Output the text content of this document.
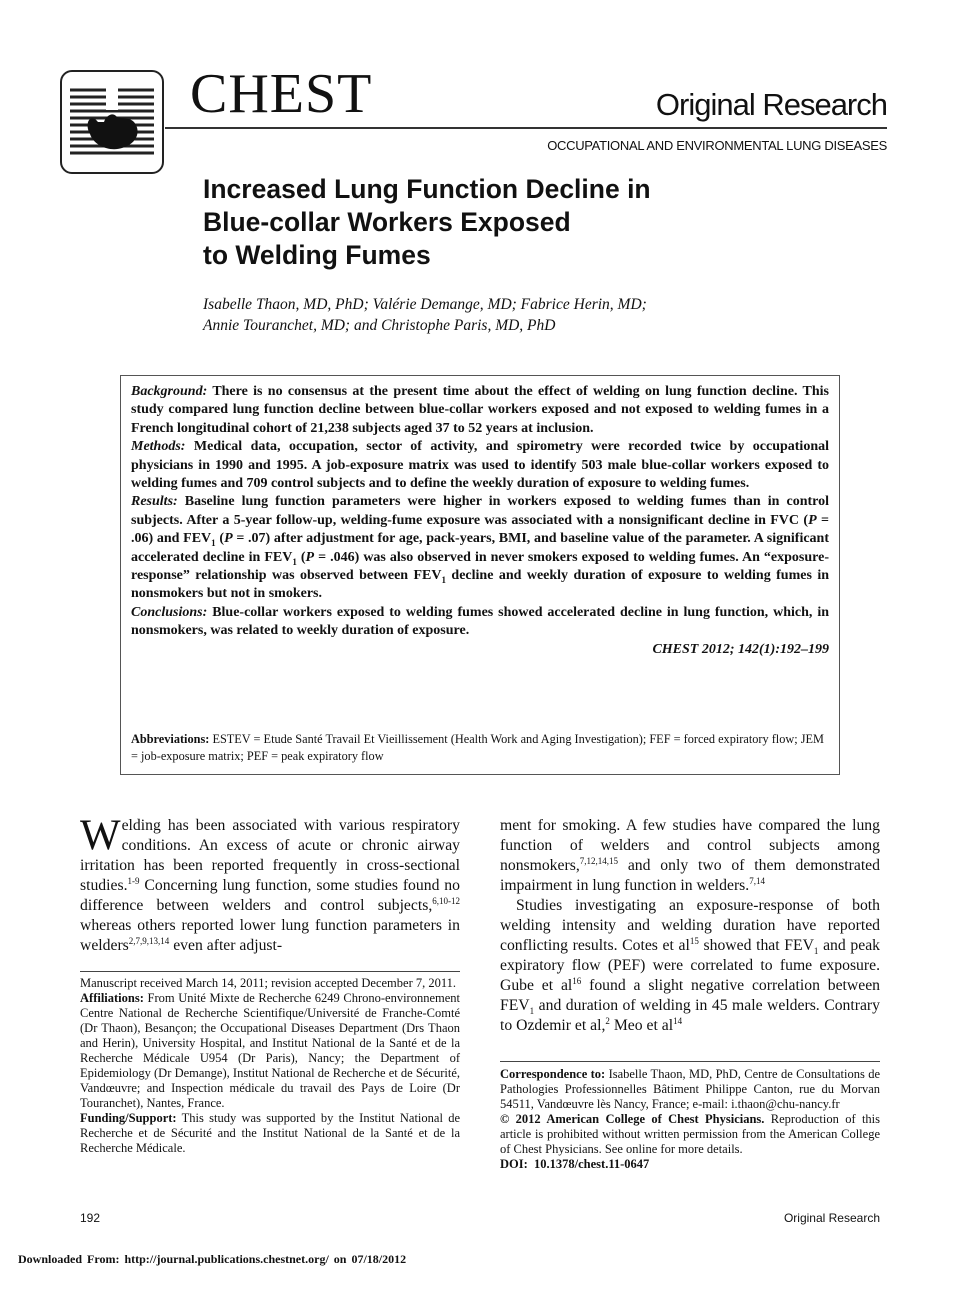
CHEST	Original Research
OCCUPATIONAL AND ENVIRONMENTAL LUNG DISEASES
Increased Lung Function Decline in
Blue-collar Workers Exposed
to Welding Fumes
Isabelle Thaon, MD, PhD; Valérie Demange, MD; Fabrice Herin, MD;
Annie Touranchet, MD; and Christophe Paris, MD, PhD

Background: There is no consensus at the present time about the effect of welding on lung function decline. This study compared lung function decline between blue-collar workers exposed and not exposed to welding fumes in a French longitudinal cohort of 21,238 subjects aged 37 to 52 years at inclusion.

Methods: Medical data, occupation, sector of activity, and spirometry were recorded twice by occupational physicians in 1990 and 1995. A job-exposure matrix was used to identify 503 male blue-collar workers exposed to welding fumes and 709 control subjects and to define the weekly duration of exposure to welding fumes.

Results: Baseline lung function parameters were higher in workers exposed to welding fumes than in control subjects. After a 5-year follow-up, welding-fume exposure was associated with a nonsignificant decline in FVC (P = .06) and $FEV_1$ (P = .07) after adjustment for age, pack-years, BMI, and baseline value of the parameter. A significant accelerated decline in $FEV_1$ (P = .046) was also observed in never smokers exposed to welding fumes. An “exposure-response” relationship was observed between $FEV_1$ decline and weekly duration of exposure to welding fumes in nonsmokers but not in smokers.

Conclusions: Blue-collar workers exposed to welding fumes showed accelerated decline in lung function, which, in nonsmokers, was related to weekly duration of exposure.

CHEST 2012; 142(1):192–199

Abbreviations: ESTEV = Etude Santé Travail Et Vieillissement (Health Work and Aging Investigation); FEF = forced expiratory flow; JEM = job-exposure matrix; PEF = peak expiratory flow

Welding has been associated with various respiratory conditions. An excess of acute or chronic airway irritation has been reported frequently in cross-sectional studies.$^{1-9}$ Concerning lung function, some studies found no difference between welders and control subjects,$^{6,10-12}$ whereas others reported lower lung function parameters in welders$^{2,7,9,13,14}$ even after adjust-

ment for smoking. A few studies have compared the lung function of welders and control subjects among nonsmokers,$^{7,12,14,15}$ and only two of them demonstrated impairment in lung function in welders.$^{7,14}$

Studies investigating an exposure-response of both welding intensity and welding duration have reported conflicting results. Cotes et $al^{15}$ showed that $FEV_1$ and peak expiratory flow (PEF) were correlated to fume exposure. Gube et $al^{16}$ found a slight negative correlation between $FEV_1$ and duration of welding in 45 male welders. Contrary to Ozdemir et al,$^2$ Meo et $al^{14}$

Manuscript received March 14, 2011; revision accepted December 7, 2011.

Affiliations: From Unité Mixte de Recherche 6249 Chrono-environnement Centre National de Recherche Scientifique/Université de Franche-Comté (Dr Thaon), Besançon; the Occupational Diseases Department (Drs Thaon and Herin), University Hospital, and Institut National de la Santé et de la Recherche Médicale U954 (Dr Paris), Nancy; the Department of Epidemiology (Dr Demange), Institut National de Recherche et de Sécurité, Vandœuvre; and Inspection médicale du travail des Pays de Loire (Dr Touranchet), Nantes, France.

Funding/Support: This study was supported by the Institut National de Recherche et de Sécurité and the Institut National de la Santé et de la Recherche Médicale.

Correspondence to: Isabelle Thaon, MD, PhD, Centre de Consultations de Pathologies Professionnelles Bâtiment Philippe Canton, rue du Morvan 54511, Vandœuvre lès Nancy, France; e-mail: i.thaon@chu-nancy.fr

© 2012 American College of Chest Physicians. Reproduction of this article is prohibited without written permission from the American College of Chest Physicians. See online for more details.

DOI: 10.1378/chest.11-0647

192	Original Research
Downloaded From: http://journal.publications.chestnet.org/ on 07/18/2012
